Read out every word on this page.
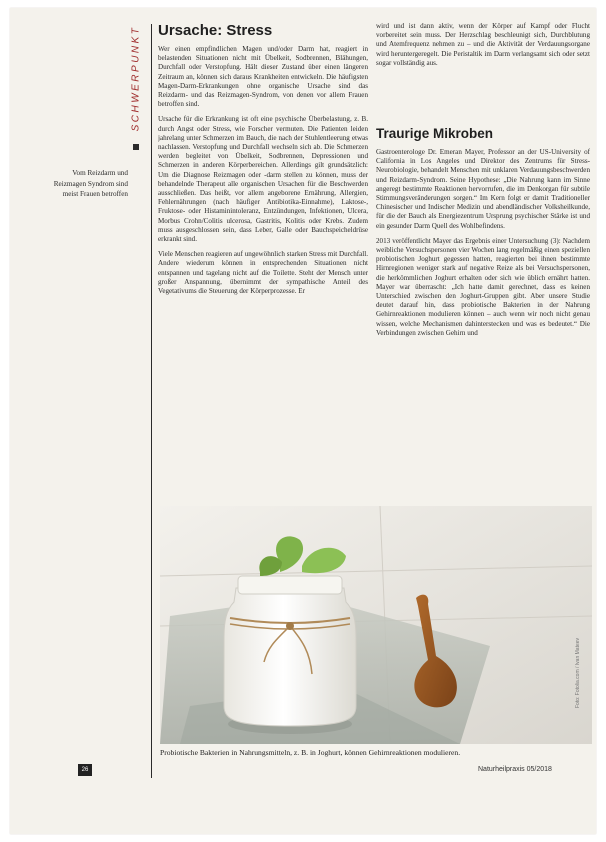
SCHWERPUNKT
Vom Reizdarm und Reizmagen Syndrom sind meist Frauen betroffen
Ursache: Stress

Wer einen empfindlichen Magen und/oder Darm hat, reagiert in belastenden Situationen nicht mit Übelkeit, Sodbrennen, Blähungen, Durchfall oder Verstopfung. Hält dieser Zustand über einen längeren Zeitraum an, können sich daraus Krankheiten entwickeln. Die häufigsten Magen-Darm-Erkrankungen ohne organische Ursache sind das Reizdarm- und das Reizmagen-Syndrom, von denen vor allem Frauen betroffen sind.

Ursache für die Erkrankung ist oft eine psychische Überbelastung, z. B. durch Angst oder Stress, wie Forscher vermuten. Die Patienten leiden jahrelang unter Schmerzen im Bauch, die nach der Stuhlentleerung etwas nachlassen. Verstopfung und Durchfall wechseln sich ab. Die Schmerzen werden begleitet von Übelkeit, Sodbrennen, Depressionen und Schmerzen in anderen Körperbereichen. Allerdings gilt grundsätzlich: Um die Diagnose Reizmagen oder -darm stellen zu können, muss der behandelnde Therapeut alle organischen Ursachen für die Beschwerden ausschließen. Das heißt, vor allem angeborene Ernährung, Allergien, Fehlernährungen (nach häufiger Antibiotika-Einnahme), Laktose-, Fruktose- oder Histaminintoleranz, Entzündungen, Infektionen, Ulcera, Morbus Crohn/Colitis ulcerosa, Gastritis, Kolitis oder Krebs. Zudem muss ausgeschlossen sein, dass Leber, Galle oder Bauchspeicheldrüse erkrankt sind.

Viele Menschen reagieren auf ungewöhnlich starken Stress mit Durchfall. Andere wiederum können in entsprechenden Situationen nicht entspannen und tagelang nicht auf die Toilette. Steht der Mensch unter großer Anspannung, übernimmt der sympathische Anteil des Vegetativums die Steuerung der Körperprozesse. Er

wird und ist dann aktiv, wenn der Körper auf Kampf oder Flucht vorbereitet sein muss. Der Herzschlag beschleunigt sich, Durchblutung und Atemfrequenz nehmen zu – und die Aktivität der Verdauungsorgane wird heruntergeregelt. Die Peristaltik im Darm verlangsamt sich oder setzt sogar vollständig aus.

Traurige Mikroben

Gastroenterologe Dr. Emeran Mayer, Professor an der US-University of California in Los Angeles und Direktor des Zentrums für Stress-Neurobiologie, behandelt Menschen mit unklaren Verdauungsbeschwerden und Reizdarm-Syndrom. Seine Hypothese: „Die Nahrung kann im Sinne angeregt bestimmte Reaktionen hervorrufen, die im Denkorgan für subtile Stimmungsveränderungen sorgen.“ Im Kern folgt er damit Traditioneller Chinesischer und Indischer Medizin und abendländischer Volksheilkunde, für die der Bauch als Energiezentrum Ursprung psychischer Stärke ist und ein gesunder Darm Quell des Wohlbefindens.

2013 veröffentlicht Mayer das Ergebnis einer Untersuchung (3): Nachdem weibliche Versuchspersonen vier Wochen lang regelmäßig einen speziellen probiotischen Joghurt gegessen hatten, reagierten bei ihnen bestimmte Hirnregionen weniger stark auf negative Reize als bei Versuchspersonen, die herkömmlichen Joghurt erhalten oder sich wie üblich ernährt hatten. Mayer war überrascht: „Ich hatte damit gerechnet, dass es keinen Unterschied zwischen den Joghurt-Gruppen gibt. Aber unsere Studie deutet darauf hin, dass probiotische Bakterien in der Nahrung Gehirnreaktionen modulieren können – auch wenn wir noch nicht genau wissen, welche Mechanismen dahinterstecken und was es bedeutet.“ Die Verbindungen zwischen Gehirn und

Foto: Fotolia.com / Ivan Mateev
Probiotische Bakterien in Nahrungsmitteln, z. B. in Joghurt, können Gehirnreaktionen modulieren.
26	Naturheilpraxis 05/2018
